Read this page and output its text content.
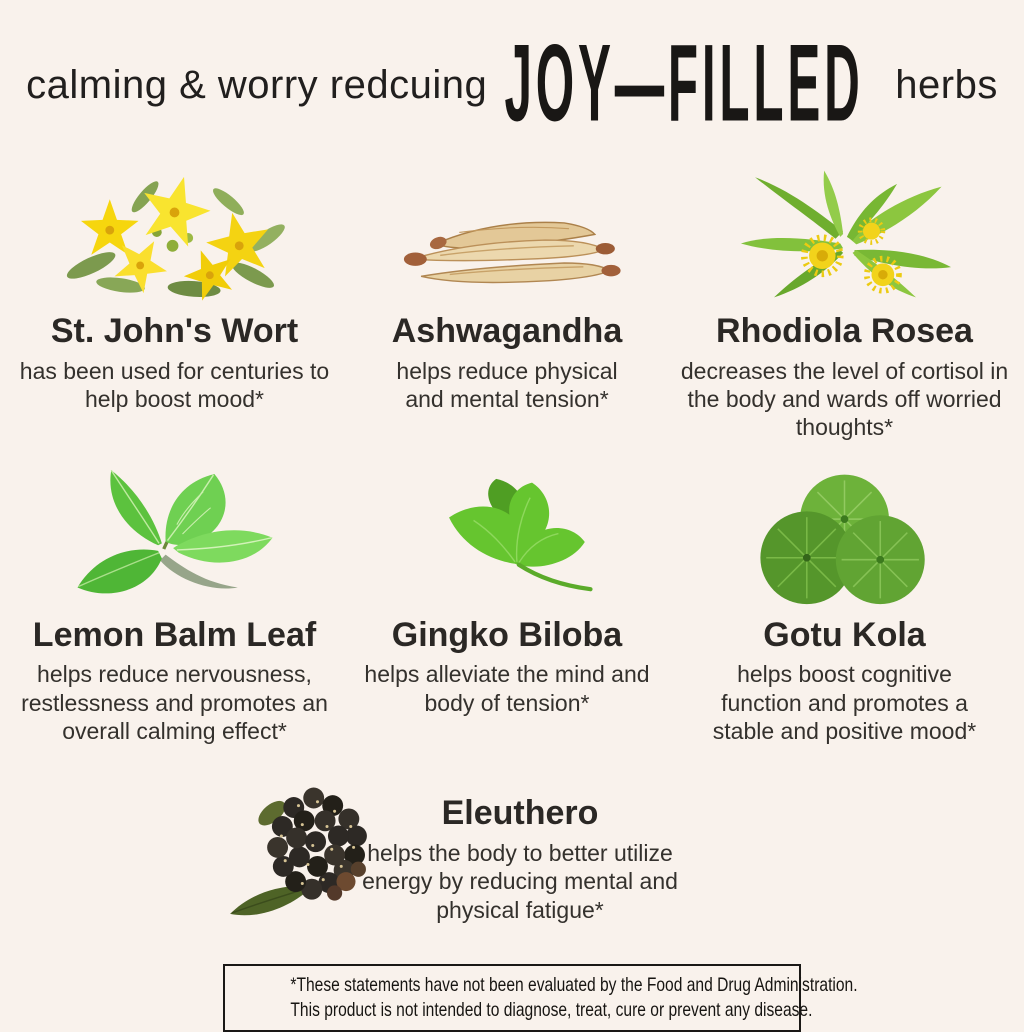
calming & worry redcuing JOY—FILLED herbs
St. John's Wort
has been used for centuries to help boost mood*
Ashwagandha
helps reduce physical and mental tension*
Rhodiola Rosea
decreases the level of cortisol in the body and wards off worried thoughts*
Lemon Balm Leaf
helps reduce nervousness, restlessness and promotes an overall calming effect*
Gingko Biloba
helps alleviate the mind and body of tension*
Gotu Kola
helps boost cognitive function and promotes a stable and positive mood*
Eleuthero
helps the body to better utilize energy by reducing mental and physical fatigue*
*These statements have not been evaluated by the Food and Drug Administration.
This product is not intended to diagnose, treat, cure or prevent any disease.
